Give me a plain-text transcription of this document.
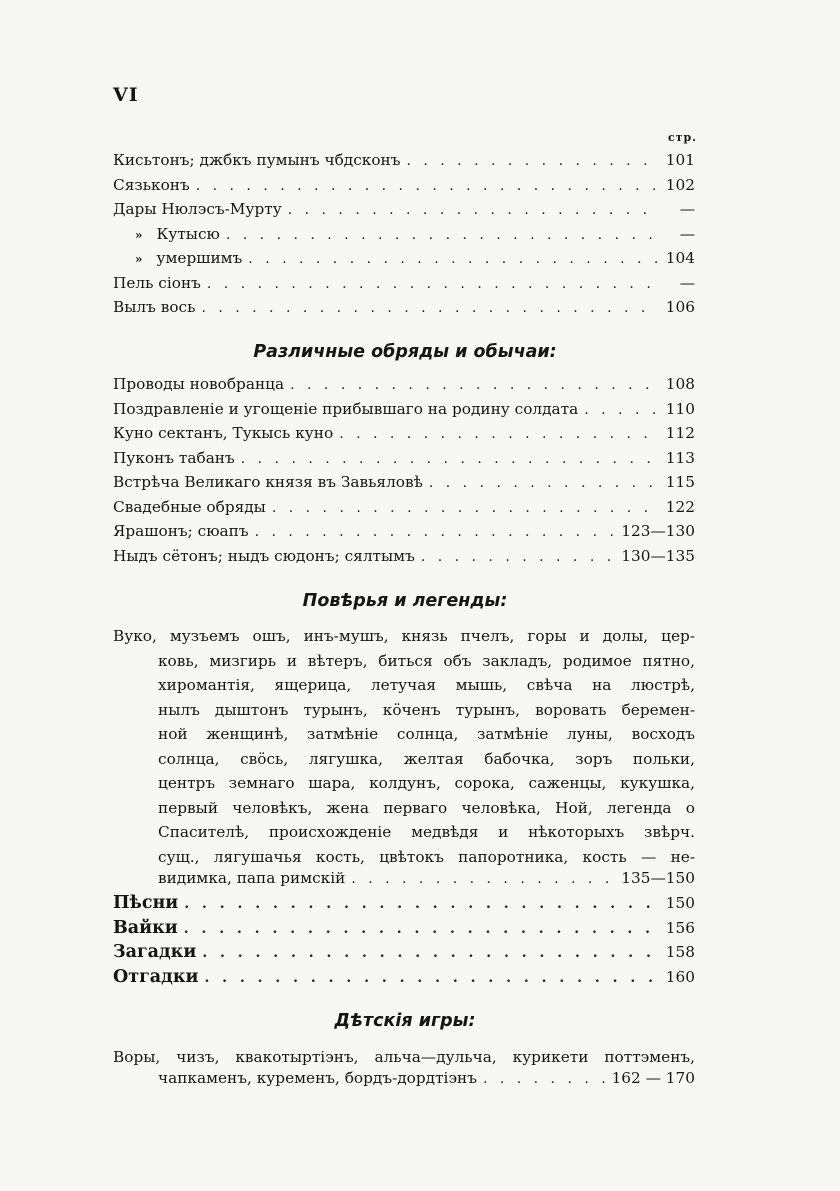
VI
стр.
Кисьтонъ; джбкъ пумынъ чбдсконъ . . .	101
Сязьконъ . . .	102
Дары Нюлэсъ-Мурту . . .	—
» Кутысю . . .	—
» умершимъ . . .	104
Пель сіонъ . . .	—
Вылъ вось . . .	106
Различные обряды и обычаи:
Проводы новобранца . . .	108
Поздравленіе и угощеніе прибывшаго на родину солдата . . .	110
Куно сектанъ, Тукысь куно . . .	112
Пуконъ табанъ . . .	113
Встрѣча Великаго князя въ Завьяловѣ . . .	115
Свадебные обряды . . .	122
Ярашонъ; сюапъ . . .	123—130
Ныдъ сётонъ; ныдъ сюдонъ; сялтымъ . . .	130—135
Повѣрья и легенды:
Вуко, музъемъ ошъ, инъ-мушъ, князь пчелъ, горы и долы, цер-
ковь, мизгирь и вѣтеръ, биться объ закладъ, родимое пятно,
хиромантія, ящерица, летучая мышь, свѣча на люстрѣ,
нылъ дыштонъ турынъ, кöченъ турынъ, воровать беремен-
ной женщинѣ, затмѣніе солнца, затмѣніе луны, восходъ
солнца, свöсь, лягушка, желтая бабочка, зоръ польки,
центръ земнаго шара, колдунъ, сорока, саженцы, кукушка,
первый человѣкъ, жена перваго человѣка, Ной, легенда о
Спасителѣ, происхожденіе медвѣдя и нѣкоторыхъ звѣрч.
сущ., лягушачья кость, цвѣтокъ папоротника, кость — не-
видимка, папа римскій . . .	135—150
Пѣсни . . .	150
Вайки . . .	156
Загадки . . .	158
Отгадки . . .	160
Дѣтскія игры:
Воры, чизъ, квакотыртіэнъ, альча—дульча, курикети поттэменъ,
чапкаменъ, куременъ, бордъ-дордтіэнъ . . .	162 — 170
